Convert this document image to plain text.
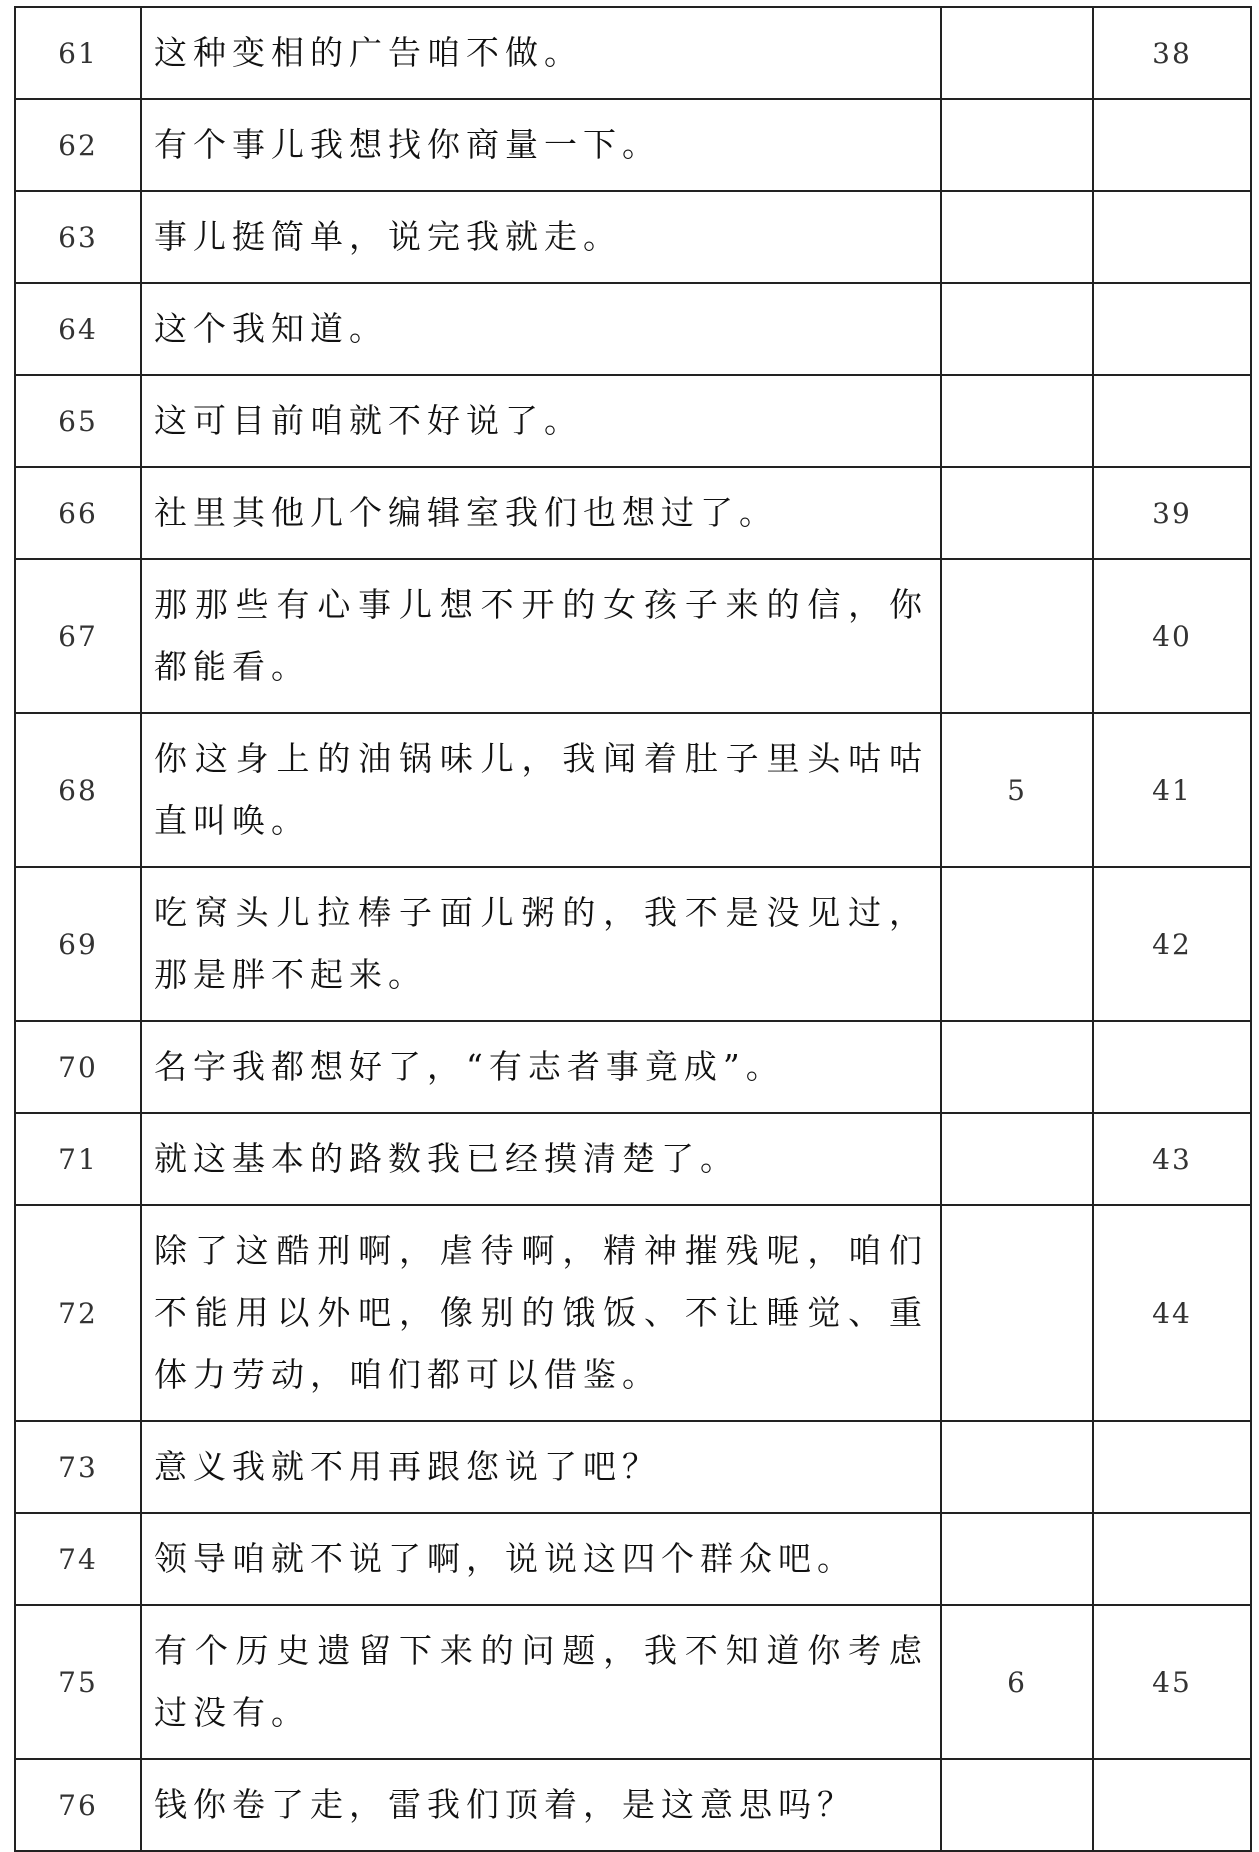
61	这种变相的广告咱不做。		38
62	有个事儿我想找你商量一下。		
63	事儿挺简单，说完我就走。		
64	这个我知道。		
65	这可目前咱就不好说了。		
66	社里其他几个编辑室我们也想过了。		39
67	那那些有心事儿想不开的女孩子来的信，你都能看。		40
68	你这身上的油锅味儿，我闻着肚子里头咕咕直叫唤。	5	41
69	吃窝头儿拉棒子面儿粥的，我不是没见过，那是胖不起来。		42
70	名字我都想好了，“有志者事竟成”。		
71	就这基本的路数我已经摸清楚了。		43
72	除了这酷刑啊，虐待啊，精神摧残呢，咱们不能用以外吧，像别的饿饭、不让睡觉、重体力劳动，咱们都可以借鉴。		44
73	意义我就不用再跟您说了吧？		
74	领导咱就不说了啊，说说这四个群众吧。		
75	有个历史遗留下来的问题，我不知道你考虑过没有。	6	45
76	钱你卷了走，雷我们顶着，是这意思吗？		
